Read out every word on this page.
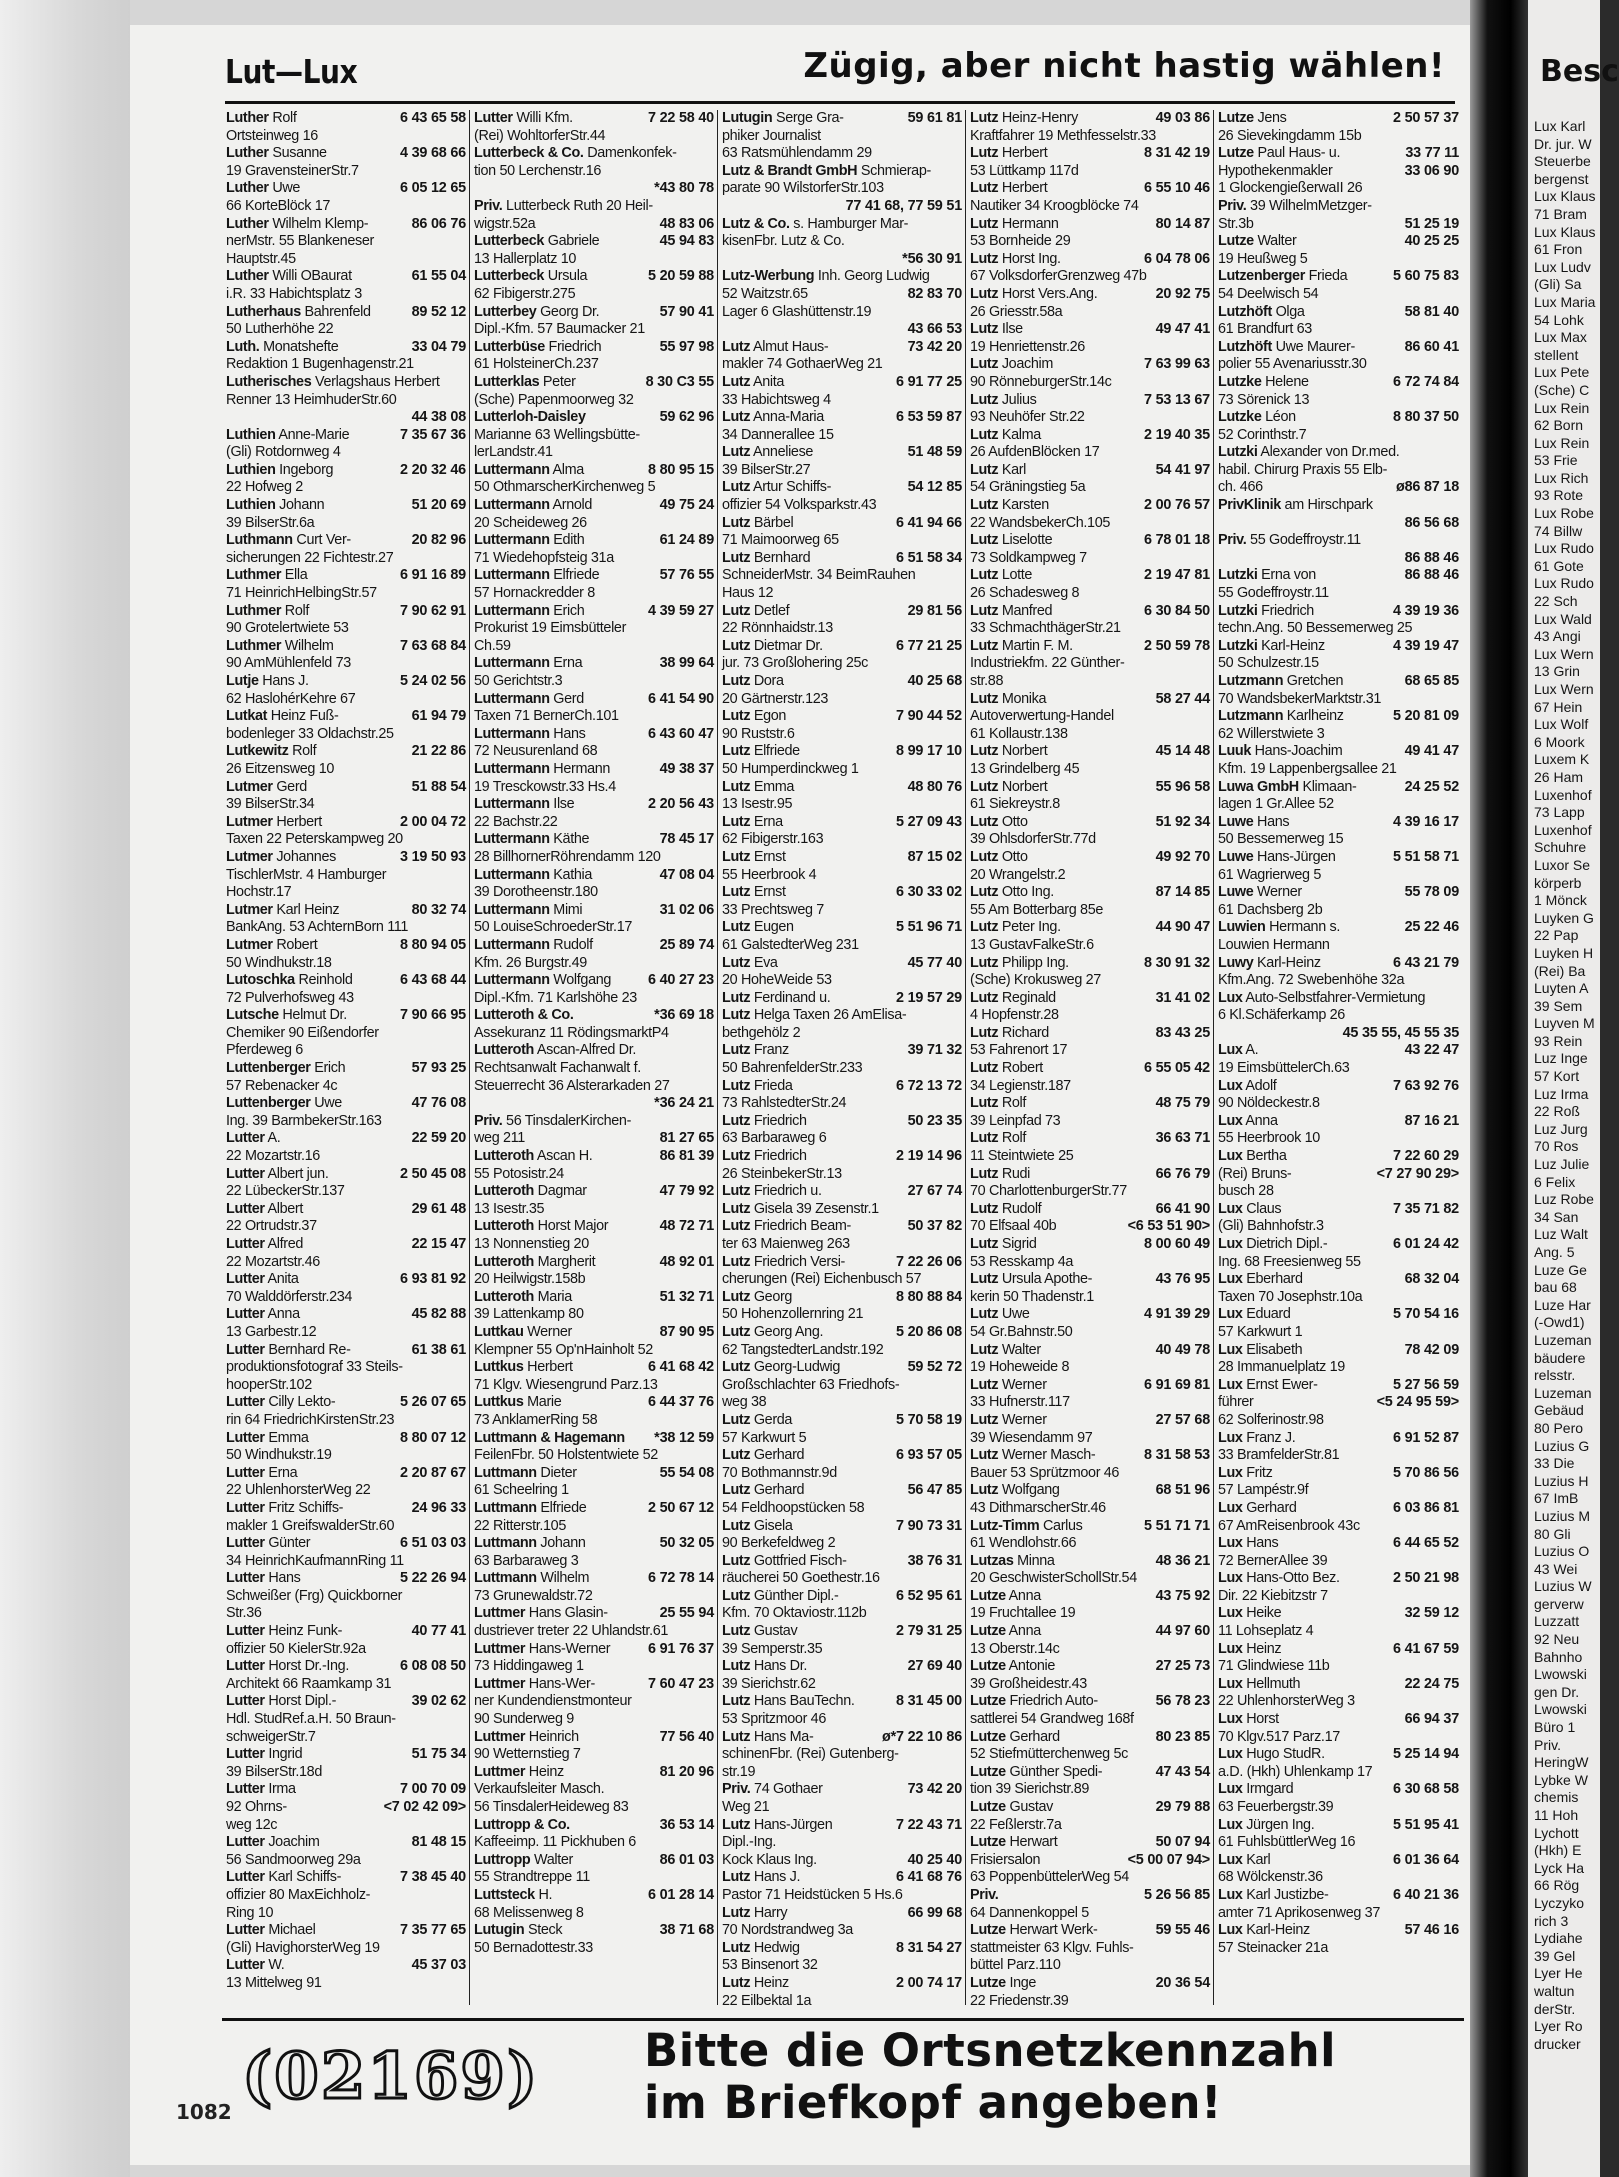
Besc
Lux Karl
Dr. jur. W
Steuerbe
bergenst
Lux Klaus
71 Bram
Lux Klaus
61 Fron
Lux Ludv
(Gli) Sa
Lux Maria
54 Lohk
Lux Max
stellent
Lux Pete
(Sche) C
Lux Rein
62 Born
Lux Rein
53 Frie
Lux Rich
93 Rote
Lux Robe
74 Billw
Lux Rudo
61 Gote
Lux Rudo
22 Sch
Lux Wald
43 Angi
Lux Wern
13 Grin
Lux Wern
67 Hein
Lux Wolf
6 Moork
Luxem K
26 Ham
Luxenhof
73 Lapp
Luxenhof
Schuhre
Luxor Se
körperb
1 Mönck
Luyken G
22 Pap
Luyken H
(Rei) Ba
Luyten A
39 Sem
Luyven M
93 Rein
Luz Inge
57 Kort
Luz Irma
22 Roß
Luz Jurg
70 Ros
Luz Julie
6 Felix
Luz Robe
34 San
Luz Walt
Ang. 5
Luze Ge
bau 68
Luze Har
(-Owd1)
Luzeman
bäudere
relsstr.
Luzeman
Gebäud
80 Pero
Luzius G
33 Die
Luzius H
67 ImB
Luzius M
80 Gli
Luzius O
43 Wei
Luzius W
gerverw
Luzzatt
92 Neu
Bahnho
Lwowski
gen Dr.
Lwowski
Büro 1
Priv.
HeringW
Lybke W
chemis
11 Hoh
Lychott
(Hkh) E
Lyck Ha
66 Rög
Lyczyko
rich 3
Lydiahe
39 Gel
Lyer He
waltun
derStr.
Lyer Ro
drucker
Lut—Lux	Zügig, aber nicht hastig wählen!
Luther Rolf	6 43 65 58
Ortsteinweg 16
Luther Susanne	4 39 68 66
19 GravensteinerStr.7
Luther Uwe	6 05 12 65
66 KorteBlöck 17
Luther Wilhelm Klemp-	86 06 76
nerMstr. 55 Blankeneser
Hauptstr.45
Luther Willi OBaurat	61 55 04
i.R. 33 Habichtsplatz 3
Lutherhaus Bahrenfeld	89 52 12
50 Lutherhöhe 22
Luth. Monatshefte	33 04 79
Redaktion 1 Bugenhagenstr.21
Lutherisches Verlagshaus Herbert
Renner 13 HeimhuderStr.60
44 38 08
Luthien Anne-Marie	7 35 67 36
(Gli) Rotdornweg 4
Luthien Ingeborg	2 20 32 46
22 Hofweg 2
Luthien Johann	51 20 69
39 BilserStr.6a
Luthmann Curt Ver-	20 82 96
sicherungen 22 Fichtestr.27
Luthmer Ella	6 91 16 89
71 HeinrichHelbingStr.57
Luthmer Rolf	7 90 62 91
90 Grotelertwiete 53
Luthmer Wilhelm	7 63 68 84
90 AmMühlenfeld 73
Lutje Hans J.	5 24 02 56
62 HaslohérKehre 67
Lutkat Heinz Fuß-	61 94 79
bodenleger 33 Oldachstr.25
Lutkewitz Rolf	21 22 86
26 Eitzensweg 10
Lutmer Gerd	51 88 54
39 BilserStr.34
Lutmer Herbert	2 00 04 72
Taxen 22 Peterskampweg 20
Lutmer Johannes	3 19 50 93
TischlerMstr. 4 Hamburger
Hochstr.17
Lutmer Karl Heinz	80 32 74
BankAng. 53 AchternBorn 111
Lutmer Robert	8 80 94 05
50 Windhukstr.18
Lutoschka Reinhold	6 43 68 44
72 Pulverhofsweg 43
Lutsche Helmut Dr.	7 90 66 95
Chemiker 90 Eißendorfer
Pferdeweg 6
Luttenberger Erich	57 93 25
57 Rebenacker 4c
Luttenberger Uwe	47 76 08
Ing. 39 BarmbekerStr.163
Lutter A.	22 59 20
22 Mozartstr.16
Lutter Albert jun.	2 50 45 08
22 LübeckerStr.137
Lutter Albert	29 61 48
22 Ortrudstr.37
Lutter Alfred	22 15 47
22 Mozartstr.46
Lutter Anita	6 93 81 92
70 Walddörferstr.234
Lutter Anna	45 82 88
13 Garbestr.12
Lutter Bernhard Re-	61 38 61
produktionsfotograf 33 Steils-
hooperStr.102
Lutter Cilly Lekto-	5 26 07 65
rin 64 FriedrichKirstenStr.23
Lutter Emma	8 80 07 12
50 Windhukstr.19
Lutter Erna	2 20 87 67
22 UhlenhorsterWeg 22
Lutter Fritz Schiffs-	24 96 33
makler 1 GreifswalderStr.60
Lutter Günter	6 51 03 03
34 HeinrichKaufmannRing 11
Lutter Hans	5 22 26 94
Schweißer (Frg) Quickborner
Str.36
Lutter Heinz Funk-	40 77 41
offizier 50 KielerStr.92a
Lutter Horst Dr.-Ing.	6 08 08 50
Architekt 66 Raamkamp 31
Lutter Horst Dipl.-	39 02 62
Hdl. StudRef.a.H. 50 Braun-
schweigerStr.7
Lutter Ingrid	51 75 34
39 BilserStr.18d
Lutter Irma	7 00 70 09
92 Ohrns-	<7 02 42 09>
weg 12c
Lutter Joachim	81 48 15
56 Sandmoorweg 29a
Lutter Karl Schiffs-	7 38 45 40
offizier 80 MaxEichholz-
Ring 10
Lutter Michael	7 35 77 65
(Gli) HavighorsterWeg 19
Lutter W.	45 37 03
13 Mittelweg 91
Lutter Willi Kfm.	7 22 58 40
(Rei) WohltorferStr.44
Lutterbeck & Co. Damenkonfek-
tion 50 Lerchenstr.16
*43 80 78
Priv. Lutterbeck Ruth 20 Heil-
wigstr.52a	48 83 06
Lutterbeck Gabriele	45 94 83
13 Hallerplatz 10
Lutterbeck Ursula	5 20 59 88
62 Fibigerstr.275
Lutterbey Georg Dr.	57 90 41
Dipl.-Kfm. 57 Baumacker 21
Lutterbüse Friedrich	55 97 98
61 HolsteinerCh.237
Lutterklas Peter	8 30 C3 55
(Sche) Papenmoorweg 32
Lutterloh-Daisley	59 62 96
Marianne 63 Wellingsbütte-
lerLandstr.41
Luttermann Alma	8 80 95 15
50 OthmarscherKirchenweg 5
Luttermann Arnold	49 75 24
20 Scheideweg 26
Luttermann Edith	61 24 89
71 Wiedehopfsteig 31a
Luttermann Elfriede	57 76 55
57 Hornackredder 8
Luttermann Erich	4 39 59 27
Prokurist 19 Eimsbütteler
Ch.59
Luttermann Erna	38 99 64
50 Gerichtstr.3
Luttermann Gerd	6 41 54 90
Taxen 71 BernerCh.101
Luttermann Hans	6 43 60 47
72 Neusurenland 68
Luttermann Hermann	49 38 37
19 Tresckowstr.33 Hs.4
Luttermann Ilse	2 20 56 43
22 Bachstr.22
Luttermann Käthe	78 45 17
28 BillhornerRöhrendamm 120
Luttermann Kathia	47 08 04
39 Dorotheenstr.180
Luttermann Mimi	31 02 06
50 LouiseSchroederStr.17
Luttermann Rudolf	25 89 74
Kfm. 26 Burgstr.49
Luttermann Wolfgang	6 40 27 23
Dipl.-Kfm. 71 Karlshöhe 23
Lutteroth & Co.	*36 69 18
Assekuranz 11 RödingsmarktP4
Lutteroth Ascan-Alfred Dr.
Rechtsanwalt Fachanwalt f.
Steuerrecht 36 Alsterarkaden 27
*36 24 21
Priv. 56 TinsdalerKirchen-
weg 211	81 27 65
Lutteroth Ascan H.	86 81 39
55 Potosistr.24
Lutteroth Dagmar	47 79 92
13 Isestr.35
Lutteroth Horst Major	48 72 71
13 Nonnenstieg 20
Lutteroth Margherit	48 92 01
20 Heilwigstr.158b
Lutteroth Maria	51 32 71
39 Lattenkamp 80
Luttkau Werner	87 90 95
Klempner 55 Op'nHainholt 52
Luttkus Herbert	6 41 68 42
71 Klgv. Wiesengrund Parz.13
Luttkus Marie	6 44 37 76
73 AnklamerRing 58
Luttmann & Hagemann	*38 12 59
FeilenFbr. 50 Holstentwiete 52
Luttmann Dieter	55 54 08
61 Scheelring 1
Luttmann Elfriede	2 50 67 12
22 Ritterstr.105
Luttmann Johann	50 32 05
63 Barbaraweg 3
Luttmann Wilhelm	6 72 78 14
73 Grunewaldstr.72
Luttmer Hans Glasin-	25 55 94
dustriever treter 22 Uhlandstr.61
Luttmer Hans-Werner	6 91 76 37
73 Hiddingaweg 1
Luttmer Hans-Wer-	7 60 47 23
ner Kundendienstmonteur
90 Sunderweg 9
Luttmer Heinrich	77 56 40
90 Wetternstieg 7
Luttmer Heinz	81 20 96
Verkaufsleiter Masch.
56 TinsdalerHeideweg 83
Luttropp & Co.	36 53 14
Kaffeeimp. 11 Pickhuben 6
Luttropp Walter	86 01 03
55 Strandtreppe 11
Luttsteck H.	6 01 28 14
68 Melissenweg 8
Lutugin Steck	38 71 68
50 Bernadottestr.33
Lutugin Serge Gra-	59 61 81
phiker Journalist
63 Ratsmühlendamm 29
Lutz & Brandt GmbH Schmierap-
parate 90 WilstorferStr.103
77 41 68, 77 59 51
Lutz & Co. s. Hamburger Mar-
kisenFbr. Lutz & Co.
*56 30 91
Lutz-Werbung Inh. Georg Ludwig
52 Waitzstr.65	82 83 70
Lager 6 Glashüttenstr.19
43 66 53
Lutz Almut Haus-	73 42 20
makler 74 GothaerWeg 21
Lutz Anita	6 91 77 25
33 Habichtsweg 4
Lutz Anna-Maria	6 53 59 87
34 Dannerallee 15
Lutz Anneliese	51 48 59
39 BilserStr.27
Lutz Artur Schiffs-	54 12 85
offizier 54 Volksparkstr.43
Lutz Bärbel	6 41 94 66
71 Maimoorweg 65
Lutz Bernhard	6 51 58 34
SchneiderMstr. 34 BeimRauhen
Haus 12
Lutz Detlef	29 81 56
22 Rönnhaidstr.13
Lutz Dietmar Dr.	6 77 21 25
jur. 73 Großlohering 25c
Lutz Dora	40 25 68
20 Gärtnerstr.123
Lutz Egon	7 90 44 52
90 Ruststr.6
Lutz Elfriede	8 99 17 10
50 Humperdinckweg 1
Lutz Emma	48 80 76
13 Isestr.95
Lutz Erna	5 27 09 43
62 Fibigerstr.163
Lutz Ernst	87 15 02
55 Heerbrook 4
Lutz Ernst	6 30 33 02
33 Prechtsweg 7
Lutz Eugen	5 51 96 71
61 GalstedterWeg 231
Lutz Eva	45 77 40
20 HoheWeide 53
Lutz Ferdinand u.	2 19 57 29
Lutz Helga Taxen 26 AmElisa-
bethgehölz 2
Lutz Franz	39 71 32
50 BahrenfelderStr.233
Lutz Frieda	6 72 13 72
73 RahlstedterStr.24
Lutz Friedrich	50 23 35
63 Barbaraweg 6
Lutz Friedrich	2 19 14 96
26 SteinbekerStr.13
Lutz Friedrich u.	27 67 74
Lutz Gisela 39 Zesenstr.1
Lutz Friedrich Beam-	50 37 82
ter 63 Maienweg 263
Lutz Friedrich Versi-	7 22 26 06
cherungen (Rei) Eichenbusch 57
Lutz Georg	8 80 88 84
50 Hohenzollernring 21
Lutz Georg Ang.	5 20 86 08
62 TangstedterLandstr.192
Lutz Georg-Ludwig	59 52 72
Großschlachter 63 Friedhofs-
weg 38
Lutz Gerda	5 70 58 19
57 Karkwurt 5
Lutz Gerhard	6 93 57 05
70 Bothmannstr.9d
Lutz Gerhard	56 47 85
54 Feldhoopstücken 58
Lutz Gisela	7 90 73 31
90 Berkefeldweg 2
Lutz Gottfried Fisch-	38 76 31
räucherei 50 Goethestr.16
Lutz Günther Dipl.-	6 52 95 61
Kfm. 70 Oktaviostr.112b
Lutz Gustav	2 79 31 25
39 Semperstr.35
Lutz Hans Dr.	27 69 40
39 Sierichstr.62
Lutz Hans BauTechn.	8 31 45 00
53 Spritzmoor 46
Lutz Hans Ma-	ø*7 22 10 86
schinenFbr. (Rei) Gutenberg-
str.19
Priv. 74 Gothaer	73 42 20
Weg 21
Lutz Hans-Jürgen	7 22 43 71
Dipl.-Ing.
Kock Klaus Ing.	40 25 40
Lutz Hans J.	6 41 68 76
Pastor 71 Heidstücken 5 Hs.6
Lutz Harry	66 99 68
70 Nordstrandweg 3a
Lutz Hedwig	8 31 54 27
53 Binsenort 32
Lutz Heinz	2 00 74 17
22 Eilbektal 1a
Lutz Heinz-Henry	49 03 86
Kraftfahrer 19 Methfesselstr.33
Lutz Herbert	8 31 42 19
53 Lüttkamp 117d
Lutz Herbert	6 55 10 46
Nautiker 34 Kroogblöcke 74
Lutz Hermann	80 14 87
53 Bornheide 29
Lutz Horst Ing.	6 04 78 06
67 VolksdorferGrenzweg 47b
Lutz Horst Vers.Ang.	20 92 75
26 Griesstr.58a
Lutz Ilse	49 47 41
19 Henriettenstr.26
Lutz Joachim	7 63 99 63
90 RönneburgerStr.14c
Lutz Julius	7 53 13 67
93 Neuhöfer Str.22
Lutz Kalma	2 19 40 35
26 AufdenBlöcken 17
Lutz Karl	54 41 97
54 Gräningstieg 5a
Lutz Karsten	2 00 76 57
22 WandsbekerCh.105
Lutz Liselotte	6 78 01 18
73 Soldkampweg 7
Lutz Lotte	2 19 47 81
26 Schadesweg 8
Lutz Manfred	6 30 84 50
33 SchmachthägerStr.21
Lutz Martin F. M.	2 50 59 78
Industriekfm. 22 Günther-
str.88
Lutz Monika	58 27 44
Autoverwertung-Handel
61 Kollaustr.138
Lutz Norbert	45 14 48
13 Grindelberg 45
Lutz Norbert	55 96 58
61 Siekreystr.8
Lutz Otto	51 92 34
39 OhlsdorferStr.77d
Lutz Otto	49 92 70
20 Wrangelstr.2
Lutz Otto Ing.	87 14 85
55 Am Botterbarg 85e
Lutz Peter Ing.	44 90 47
13 GustavFalkeStr.6
Lutz Philipp Ing.	8 30 91 32
(Sche) Krokusweg 27
Lutz Reginald	31 41 02
4 Hopfenstr.28
Lutz Richard	83 43 25
53 Fahrenort 17
Lutz Robert	6 55 05 42
34 Legienstr.187
Lutz Rolf	48 75 79
39 Leinpfad 73
Lutz Rolf	36 63 71
11 Steintwiete 25
Lutz Rudi	66 76 79
70 CharlottenburgerStr.77
Lutz Rudolf	66 41 90
70 Elfsaal 40b	<6 53 51 90>
Lutz Sigrid	8 00 60 49
53 Resskamp 4a
Lutz Ursula Apothe-	43 76 95
kerin 50 Thadenstr.1
Lutz Uwe	4 91 39 29
54 Gr.Bahnstr.50
Lutz Walter	40 49 78
19 Hoheweide 8
Lutz Werner	6 91 69 81
33 Hufnerstr.117
Lutz Werner	27 57 68
39 Wiesendamm 97
Lutz Werner Masch-	8 31 58 53
Bauer 53 Sprützmoor 46
Lutz Wolfgang	68 51 96
43 DithmarscherStr.46
Lutz-Timm Carlus	5 51 71 71
61 Wendlohstr.66
Lutzas Minna	48 36 21
20 GeschwisterSchollStr.54
Lutze Anna	43 75 92
19 Fruchtallee 19
Lutze Anna	44 97 60
13 Oberstr.14c
Lutze Antonie	27 25 73
39 Großheidestr.43
Lutze Friedrich Auto-	56 78 23
sattlerei 54 Grandweg 168f
Lutze Gerhard	80 23 85
52 Stiefmütterchenweg 5c
Lutze Günther Spedi-	47 43 54
tion 39 Sierichstr.89
Lutze Gustav	29 79 88
22 Feßlerstr.7a
Lutze Herwart	50 07 94
Frisiersalon	<5 00 07 94>
63 PoppenbüttelerWeg 54
Priv.	5 26 56 85
64 Dannenkoppel 5
Lutze Herwart Werk-	59 55 46
stattmeister 63 Klgv. Fuhls-
büttel Parz.110
Lutze Inge	20 36 54
22 Friedenstr.39
Lutze Jens	2 50 57 37
26 Sievekingdamm 15b
Lutze Paul Haus- u.	33 77 11
Hypothekenmakler	33 06 90
1 GlockengießerwaII 26
Priv. 39 WilhelmMetzger-
Str.3b	51 25 19
Lutze Walter	40 25 25
19 Heußweg 5
Lutzenberger Frieda	5 60 75 83
54 Deelwisch 54
Lutzhöft Olga	58 81 40
61 Brandfurt 63
Lutzhöft Uwe Maurer-	86 60 41
polier 55 Avenariusstr.30
Lutzke Helene	6 72 74 84
73 Sörenick 13
Lutzke Léon	8 80 37 50
52 Corinthstr.7
Lutzki Alexander von Dr.med.
habil. Chirurg Praxis 55 Elb-
ch. 466	ø86 87 18
PrivKlinik am Hirschpark
86 56 68
Priv. 55 Godeffroystr.11
86 88 46
Lutzki Erna von	86 88 46
55 Godeffroystr.11
Lutzki Friedrich	4 39 19 36
techn.Ang. 50 Bessemerweg 25
Lutzki Karl-Heinz	4 39 19 47
50 Schulzestr.15
Lutzmann Gretchen	68 65 85
70 WandsbekerMarktstr.31
Lutzmann Karlheinz	5 20 81 09
62 Willerstwiete 3
Luuk Hans-Joachim	49 41 47
Kfm. 19 Lappenbergsallee 21
Luwa GmbH Klimaan-	24 25 52
lagen 1 Gr.Allee 52
Luwe Hans	4 39 16 17
50 Bessemerweg 15
Luwe Hans-Jürgen	5 51 58 71
61 Wagrierweg 5
Luwe Werner	55 78 09
61 Dachsberg 2b
Luwien Hermann s.	25 22 46
Louwien Hermann
Luwy Karl-Heinz	6 43 21 79
Kfm.Ang. 72 Swebenhöhe 32a
Lux Auto-Selbstfahrer-Vermietung
6 Kl.Schäferkamp 26
45 35 55, 45 55 35
Lux A.	43 22 47
19 EimsbüttelerCh.63
Lux Adolf	7 63 92 76
90 Nöldeckestr.8
Lux Anna	87 16 21
55 Heerbrook 10
Lux Bertha	7 22 60 29
(Rei) Bruns-	<7 27 90 29>
busch 28
Lux Claus	7 35 71 82
(Gli) Bahnhofstr.3
Lux Dietrich Dipl.-	6 01 24 42
Ing. 68 Freesienweg 55
Lux Eberhard	68 32 04
Taxen 70 Josephstr.10a
Lux Eduard	5 70 54 16
57 Karkwurt 1
Lux Elisabeth	78 42 09
28 Immanuelplatz 19
Lux Ernst Ewer-	5 27 56 59
führer	<5 24 95 59>
62 Solferinostr.98
Lux Franz J.	6 91 52 87
33 BramfelderStr.81
Lux Fritz	5 70 86 56
57 Lampéstr.9f
Lux Gerhard	6 03 86 81
67 AmReisenbrook 43c
Lux Hans	6 44 65 52
72 BernerAllee 39
Lux Hans-Otto Bez.	2 50 21 98
Dir. 22 Kiebitzstr 7
Lux Heike	32 59 12
11 Lohseplatz 4
Lux Heinz	6 41 67 59
71 Glindwiese 11b
Lux Hellmuth	22 24 75
22 UhlenhorsterWeg 3
Lux Horst	66 94 37
70 Klgv.517 Parz.17
Lux Hugo StudR.	5 25 14 94
a.D. (Hkh) Uhlenkamp 17
Lux Irmgard	6 30 68 58
63 Feuerbergstr.39
Lux Jürgen Ing.	5 51 95 41
61 FuhlsbüttlerWeg 16
Lux Karl	6 01 36 64
68 Wölckenstr.36
Lux Karl Justizbe-	6 40 21 36
amter 71 Aprikosenweg 37
Lux Karl-Heinz	57 46 16
57 Steinacker 21a
(02169) Bitte die Ortsnetzkennzahl
im Briefkopf angeben!
1082
